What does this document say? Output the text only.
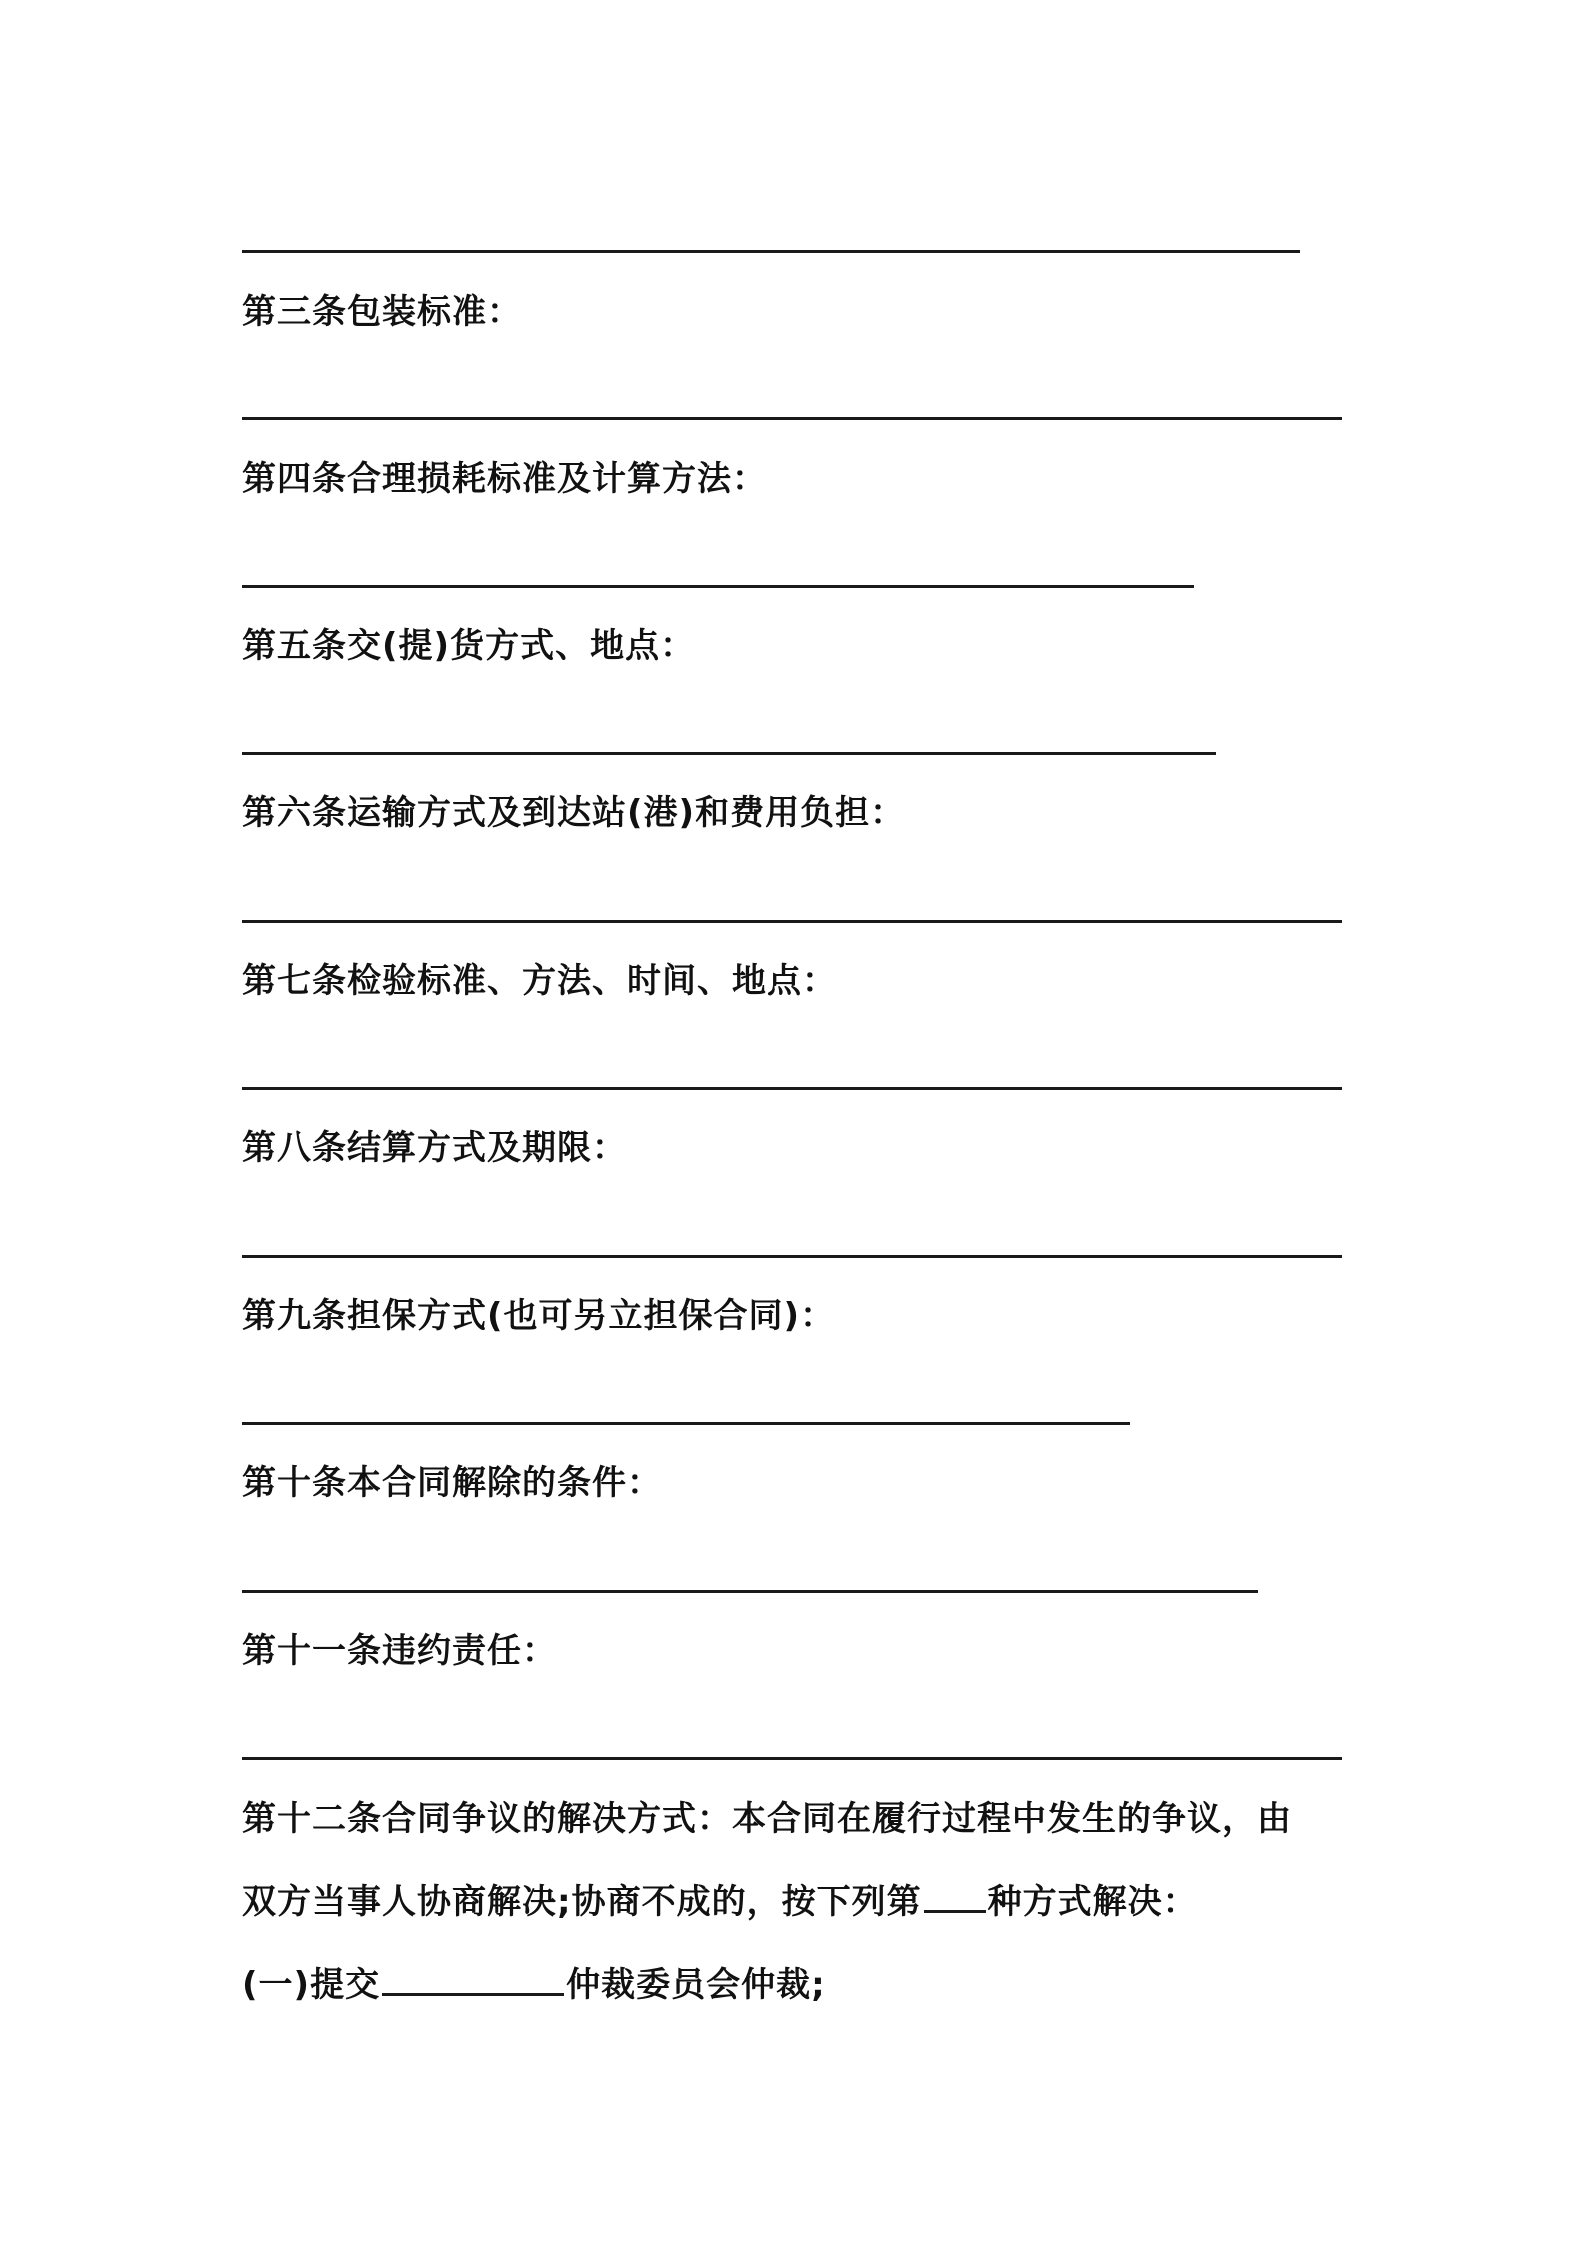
第三条包装标准：
第四条合理损耗标准及计算方法：
第五条交(提)货方式、地点：
第六条运输方式及到达站(港)和费用负担：
第七条检验标准、方法、时间、地点：
第八条结算方式及期限：
第九条担保方式(也可另立担保合同)：
第十条本合同解除的条件：
第十一条违约责任：
第十二条合同争议的解决方式：本合同在履行过程中发生的争议，由
双方当事人协商解决;协商不成的，按下列第 种方式解决：
(一)提交	仲裁委员会仲裁;
